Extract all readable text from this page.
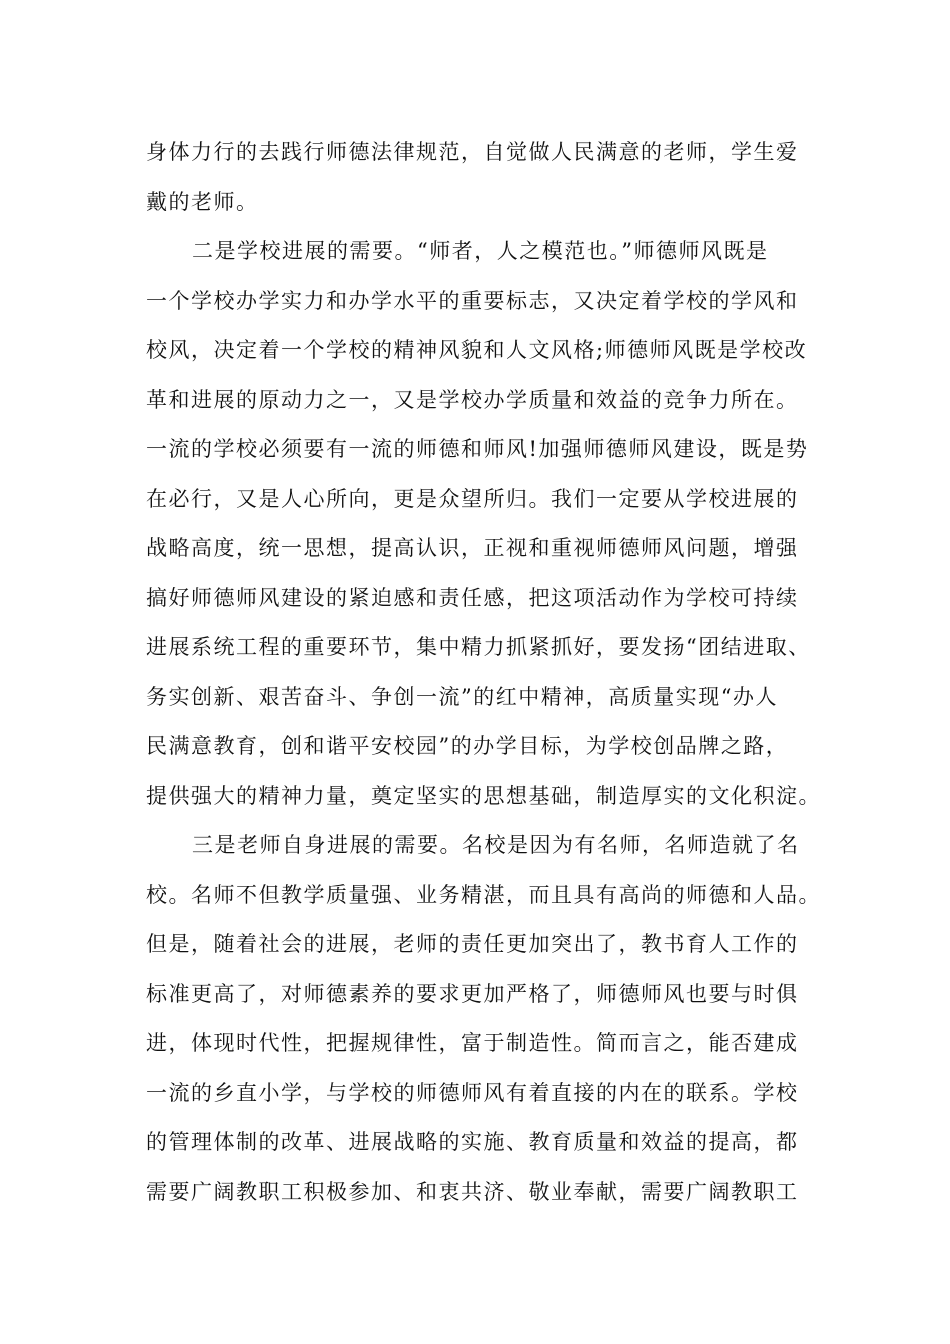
身体力行的去践行师德法律规范，自觉做人民满意的老师，学生爱
戴的老师。
二是学校进展的需要。“师者，人之模范也。”师德师风既是
一个学校办学实力和办学水平的重要标志，又决定着学校的学风和
校风，决定着一个学校的精神风貌和人文风格;师德师风既是学校改
革和进展的原动力之一，又是学校办学质量和效益的竞争力所在。
一流的学校必须要有一流的师德和师风!加强师德师风建设，既是势
在必行，又是人心所向，更是众望所归。我们一定要从学校进展的
战略高度，统一思想，提高认识，正视和重视师德师风问题，增强
搞好师德师风建设的紧迫感和责任感，把这项活动作为学校可持续
进展系统工程的重要环节，集中精力抓紧抓好，要发扬“团结进取、
务实创新、艰苦奋斗、争创一流”的红中精神，高质量实现“办人
民满意教育，创和谐平安校园”的办学目标，为学校创品牌之路，
提供强大的精神力量，奠定坚实的思想基础，制造厚实的文化积淀。
三是老师自身进展的需要。名校是因为有名师，名师造就了名
校。名师不但教学质量强、业务精湛，而且具有高尚的师德和人品。
但是，随着社会的进展，老师的责任更加突出了，教书育人工作的
标准更高了，对师德素养的要求更加严格了，师德师风也要与时俱
进，体现时代性，把握规律性，富于制造性。简而言之，能否建成
一流的乡直小学，与学校的师德师风有着直接的内在的联系。学校
的管理体制的改革、进展战略的实施、教育质量和效益的提高，都
需要广阔教职工积极参加、和衷共济、敬业奉献，需要广阔教职工
